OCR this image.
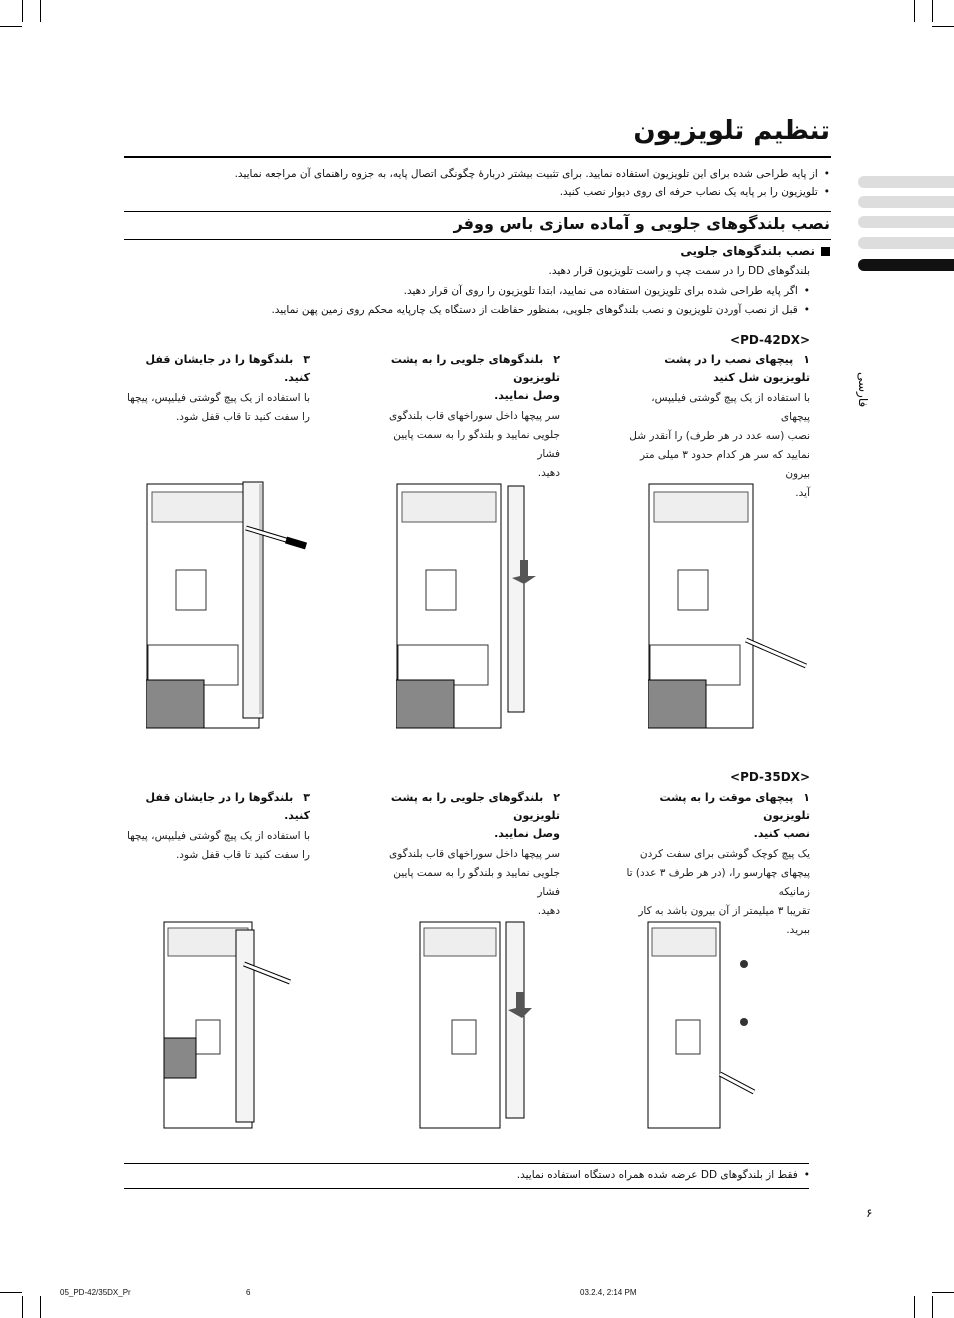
تنظیم تلویزیون
•از پایه طراحی شده برای این تلویزیون استفاده نمایید. برای تثبیت بیشتر دربارهٔ چگونگی اتصال پایه، به جزوه راهنمای آن مراجعه نمایید.
•تلویزیون را بر پایه یک نصاب حرفه ای روی دیوار نصب کنید.
نصب بلندگوهای جلویی و آماده سازی باس ووفر
فارسی
نصب بلندگوهای جلویی
بلندگوهای DD را در سمت چپ و راست تلویزیون قرار دهید.
•اگر پایه طراحی شده برای تلویزیون استفاده می نمایید، ابتدا تلویزیون را روی آن قرار دهید.
•قبل از نصب آوردن تلویزیون و نصب بلندگوهای جلویی، بمنظور حفاظت از دستگاه یک چارپایه محکم روی زمین پهن نمایید.
<PD-42DX>
۱پیچهای نصب را در پشت تلویزیون شل کنید
با استفاده از یک پیچ گوشتی فیلیپس، پیچهای
نصب (سه عدد در هر طرف) را آنقدر شل
نمایید که سر هر کدام حدود ۳ میلی متر بیرون
آید.
۲بلندگوهای جلویی را به پشت تلویزیون
وصل نمایید.
سر پیچها داخل سوراخهای قاب بلندگوی
جلویی نمایید و بلندگو را به سمت پایین فشار
دهید.
۳بلندگوها را در جایشان قفل کنید.
با استفاده از یک پیچ گوشتی فیلیپس، پیچها
را سفت کنید تا قاب قفل شود.
<PD-35DX>
۱پیچهای موقت را به پشت تلویزیون
نصب کنید.
یک پیچ کوچک گوشتی برای سفت کردن
پیچهای چهارسو را، (در هر طرف ۳ عدد) تا زمانیکه
تقریبا ۳ میلیمتر از آن بیرون باشد به کار ببرید.
۲بلندگوهای جلویی را به پشت تلویزیون
وصل نمایید.
سر پیچها داخل سوراخهای قاب بلندگوی
جلویی نمایید و بلندگو را به سمت پایین فشار
دهید.
۳بلندگوها را در جایشان قفل کنید.
با استفاده از یک پیچ گوشتی فیلیپس، پیچها
را سفت کنید تا قاب قفل شود.
•فقط از بلندگوهای DD عرضه شده همراه دستگاه استفاده نمایید.
۶
05_PD-42/35DX_Pr	6	03.2.4, 2:14 PM
